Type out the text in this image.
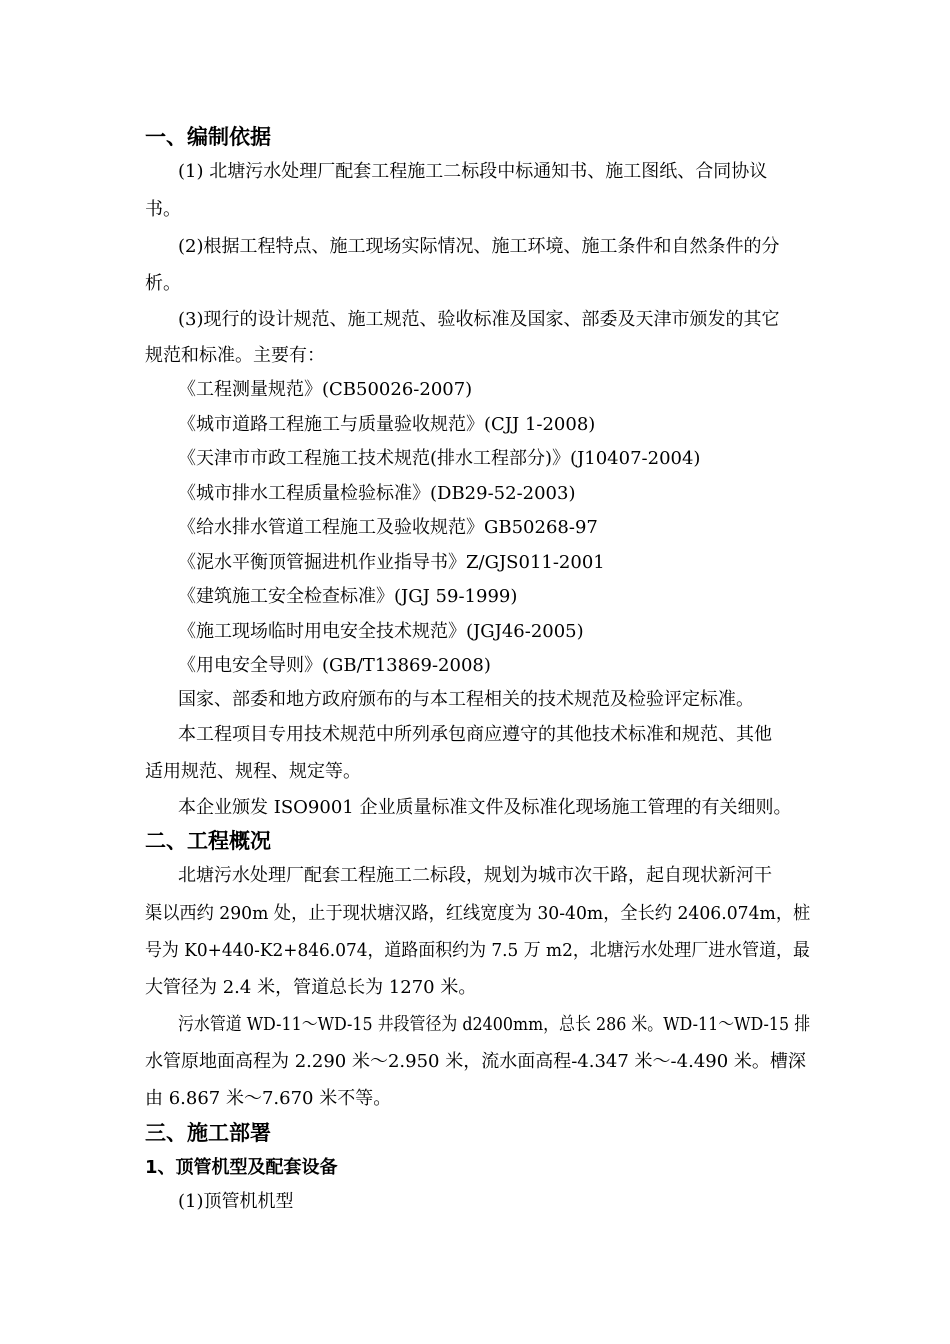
一、编制依据
(1) 北塘污水处理厂配套工程施工二标段中标通知书、施工图纸、合同协议
书。
(2)根据工程特点、施工现场实际情况、施工环境、施工条件和自然条件的分
析。
(3)现行的设计规范、施工规范、验收标准及国家、部委及天津市颁发的其它
规范和标准。主要有：
《工程测量规范》(CB50026-2007)
《城市道路工程施工与质量验收规范》(CJJ 1-2008)
《天津市市政工程施工技术规范(排水工程部分)》(J10407-2004)
《城市排水工程质量检验标准》(DB29-52-2003)
《给水排水管道工程施工及验收规范》GB50268-97
《泥水平衡顶管掘进机作业指导书》Z/GJS011-2001
《建筑施工安全检查标准》(JGJ 59-1999)
《施工现场临时用电安全技术规范》(JGJ46-2005)
《用电安全导则》(GB/T13869-2008)
国家、部委和地方政府颁布的与本工程相关的技术规范及检验评定标准。
本工程项目专用技术规范中所列承包商应遵守的其他技术标准和规范、其他
适用规范、规程、规定等。
本企业颁发 ISO9001 企业质量标准文件及标准化现场施工管理的有关细则。
二、工程概况
北塘污水处理厂配套工程施工二标段，规划为城市次干路，起自现状新河干
渠以西约 290m 处，止于现状塘汉路，红线宽度为 30-40m，全长约 2406.074m，桩
号为 K0+440-K2+846.074，道路面积约为 7.5 万 m2，北塘污水处理厂进水管道，最
大管径为 2.4 米，管道总长为 1270 米。
污水管道 WD-11～WD-15 井段管径为 d2400mm，总长 286 米。WD-11～WD-15 排
水管原地面高程为 2.290 米～2.950 米，流水面高程-4.347 米～-4.490 米。槽深
由 6.867 米～7.670 米不等。
三、施工部署
1、顶管机型及配套设备
(1)顶管机机型
